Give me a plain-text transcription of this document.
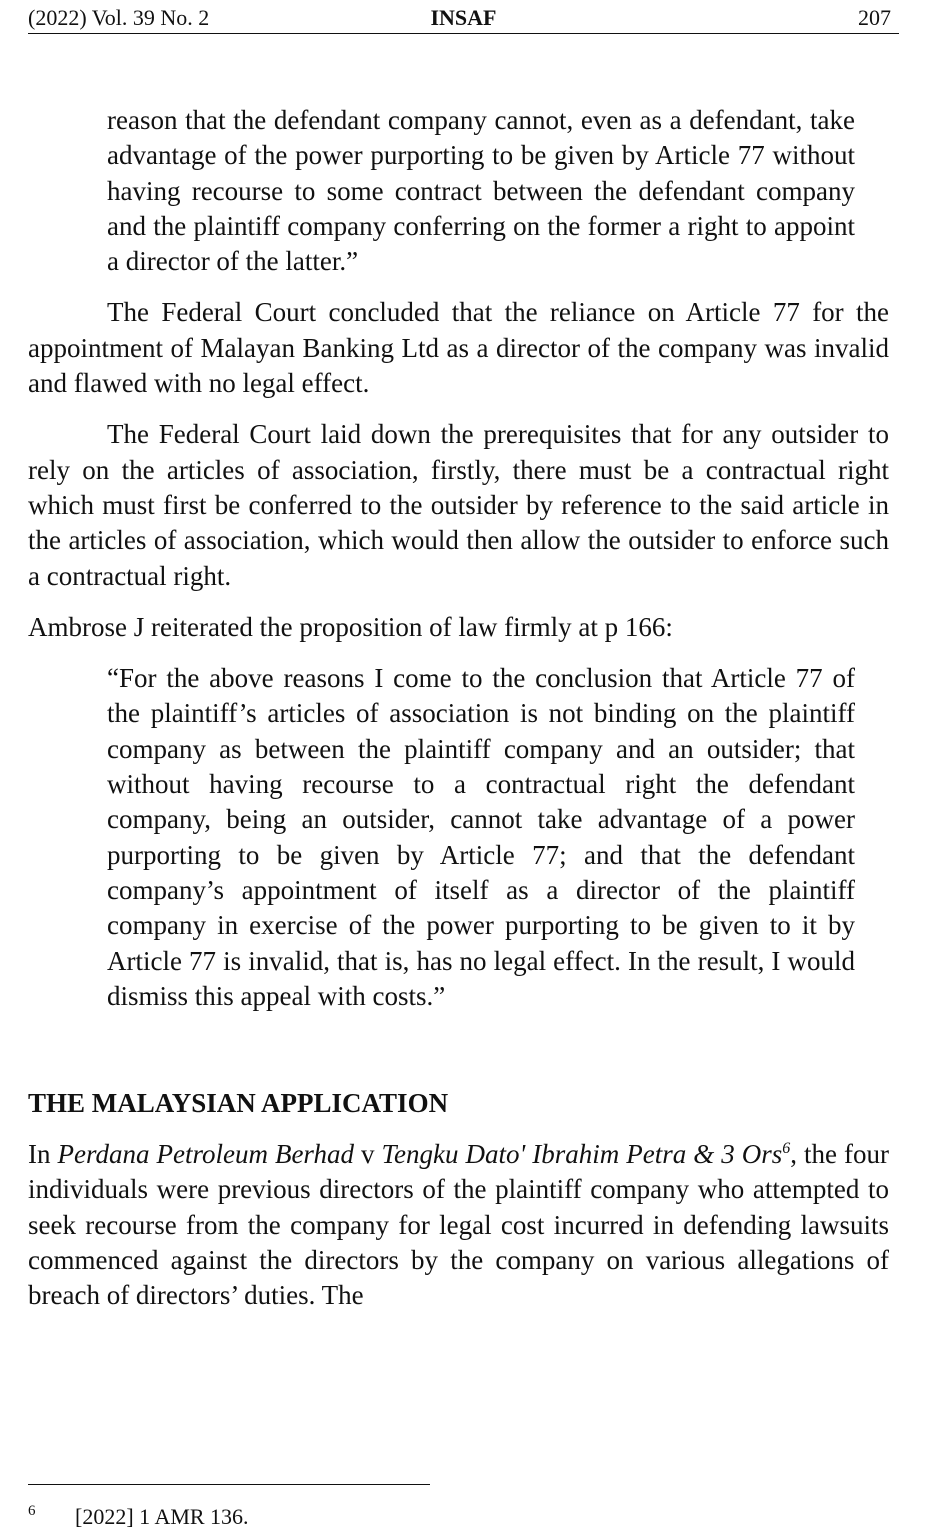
(2022) Vol. 39 No. 2	INSAF	207

reason that the defendant company cannot, even as a defendant, take advantage of the power purporting to be given by Article 77 without having recourse to some contract between the defendant company and the plaintiff company conferring on the former a right to appoint a director of the latter.”

The Federal Court concluded that the reliance on Article 77 for the appointment of Malayan Banking Ltd as a director of the company was invalid and flawed with no legal effect.

The Federal Court laid down the prerequisites that for any outsider to rely on the articles of association, firstly, there must be a contractual right which must first be conferred to the outsider by reference to the said article in the articles of association, which would then allow the outsider to enforce such a contractual right.

Ambrose J reiterated the proposition of law firmly at p 166:

“For the above reasons I come to the conclusion that Article 77 of the plaintiff’s articles of association is not binding on the plaintiff company as between the plaintiff company and an outsider; that without having recourse to a contractual right the defendant company, being an outsider, cannot take advantage of a power purporting to be given by Article 77; and that the defendant company’s appointment of itself as a director of the plaintiff company in exercise of the power purporting to be given to it by Article 77 is invalid, that is, has no legal effect. In the result, I would dismiss this appeal with costs.”

THE MALAYSIAN APPLICATION

In Perdana Petroleum Berhad v Tengku Dato' Ibrahim Petra & 3 Ors$^6$, the four individuals were previous directors of the plaintiff company who attempted to seek recourse from the company for legal cost incurred in defending lawsuits commenced against the directors by the company on various allegations of breach of directors’ duties. The

6 [2022] 1 AMR 136.
